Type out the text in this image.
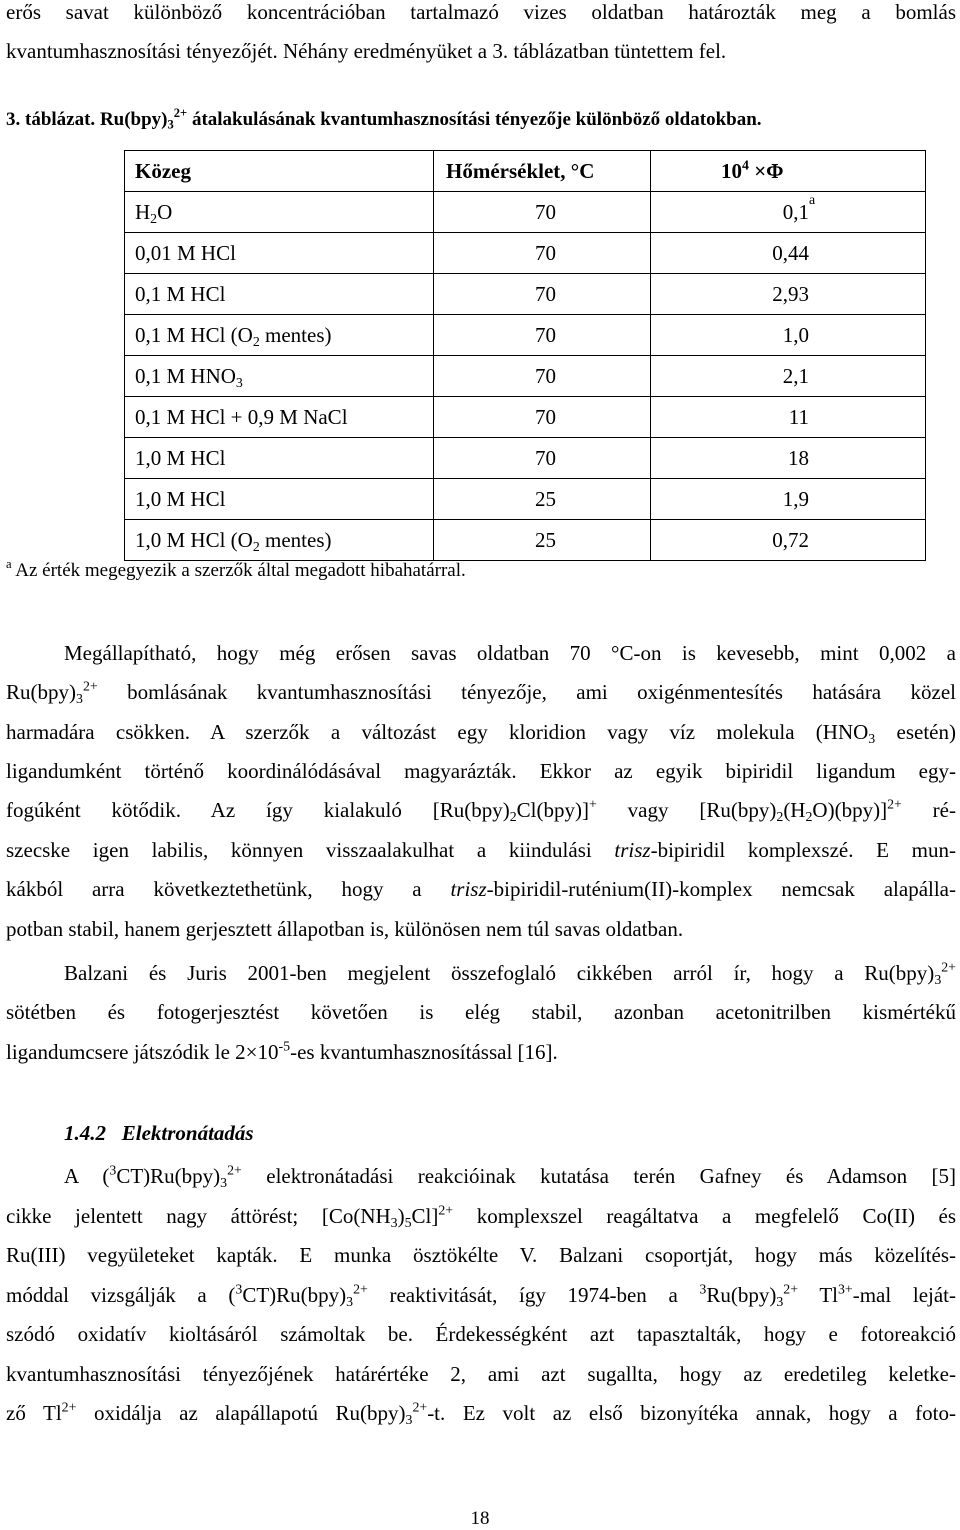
erős savat különböző koncentrációban tartalmazó vizes oldatban határozták meg a bomlás
kvantumhasznosítási tényezőjét. Néhány eredményüket a 3. táblázatban tüntettem fel.
3. táblázat. $Ru(bpy)_3^{2+}$ átalakulásának kvantumhasznosítási tényezője különböző oldatokban.
Közeg	Hőmérséklet, °C	$10^4 \times\Phi$
H2O	70	0,1
a

0,01 M HCl	70	0,44

0,1 M HCl	70	2,93

0,1 M HCl (O2 mentes)	70	1,0

0,1 M HNO3	70	2,1

0,1 M HCl + 0,9 M NaCl	70	11

1,0 M HCl	70	18

1,0 M HCl	25	1,9

1,0 M HCl (O2 mentes)	25	0,72
$^a$ Az érték megegyezik a szerzők által megadott hibahatárral.
Megállapítható, hogy még erősen savas oldatban 70 °C-on is kevesebb, mint 0,002 a
$Ru(bpy)_3^{2+}$ bomlásának kvantumhasznosítási tényezője, ami oxigénmentesítés hatására közel
harmadára csökken. A szerzők a változást egy kloridion vagy víz molekula ($HNO_3$ esetén)
ligandumként történő koordinálódásával magyarázták. Ekkor az egyik bipiridil ligandum egy-
fogúként kötődik. Az így kialakuló $[Ru(bpy)_2Cl(bpy)]^+$ vagy $[Ru(bpy)_2(H_2O)(bpy)]^{2+}$ ré-
szecske igen labilis, könnyen visszaalakulhat a kiindulási trisz-bipiridil komplexszé. E mun-
kákból arra következtethetünk, hogy a trisz-bipiridil-ruténium(II)-komplex nemcsak alapálla-
potban stabil, hanem gerjesztett állapotban is, különösen nem túl savas oldatban.
Balzani és Juris 2001-ben megjelent összefoglaló cikkében arról ír, hogy a $Ru(bpy)_3^{2+}$
sötétben és fotogerjesztést követően is elég stabil, azonban acetonitrilben kismértékű
ligandumcsere játszódik le $2\times 10^{-5}-es$ kvantumhasznosítással [16].
1.4.2 Elektronátadás
A $(^3CT)Ru(bpy)_3^{2+}$ elektronátadási reakcióinak kutatása terén Gafney és Adamson [5]
cikke jelentett nagy áttörést; $[Co(NH_3)_5Cl]^{2+}$ komplexszel reagáltatva a megfelelő Co(II) és
Ru(III) vegyületeket kapták. E munka ösztökélte V. Balzani csoportját, hogy más közelítés-
móddal vizsgálják a $(^3CT)Ru(bpy)_3^{2+}$ reaktivitását, így 1974-ben a $^3Ru(bpy)_3^{2+}$ $Tl^{3+}$-mal leját-
szódó oxidatív kioltásáról számoltak be. Érdekességként azt tapasztalták, hogy e fotoreakció
kvantumhasznosítási tényezőjének határértéke 2, ami azt sugallta, hogy az eredetileg keletke-
ző $Tl^{2+}$ oxidálja az alapállapotú $Ru(bpy)_3^{2+}-t$. Ez volt az első bizonyítéka annak, hogy a foto-
18
